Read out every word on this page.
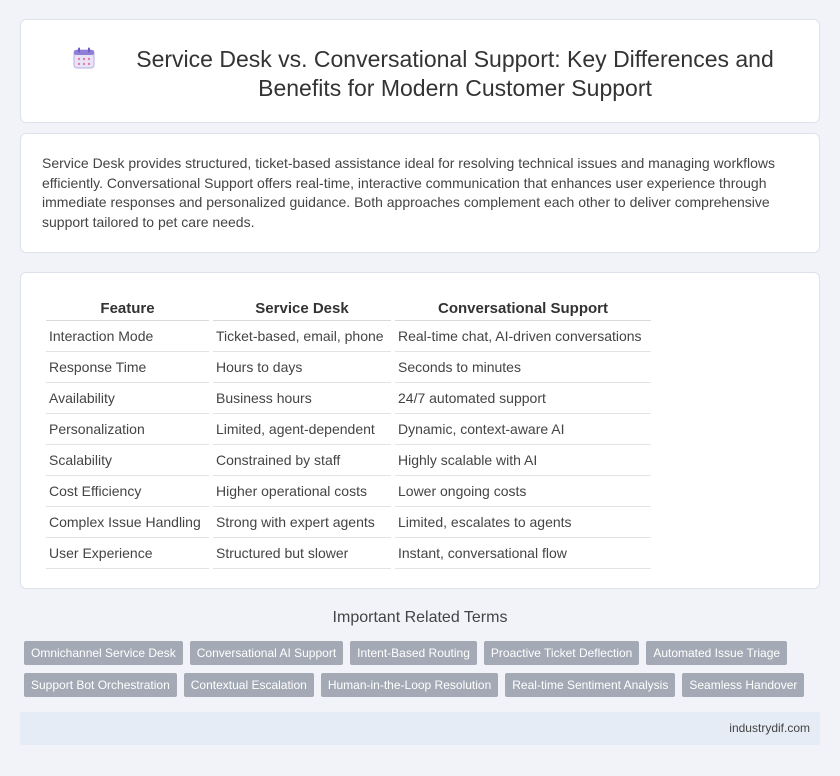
Service Desk vs. Conversational Support: Key Differences and Benefits for Modern Customer Support

Service Desk provides structured, ticket-based assistance ideal for resolving technical issues and managing workflows efficiently. Conversational Support offers real-time, interactive communication that enhances user experience through immediate responses and personalized guidance. Both approaches complement each other to deliver comprehensive support tailored to pet care needs.

Feature	Service Desk	Conversational Support
Interaction Mode	Ticket-based, email, phone	Real-time chat, AI-driven conversations
Response Time	Hours to days	Seconds to minutes
Availability	Business hours	24/7 automated support
Personalization	Limited, agent-dependent	Dynamic, context-aware AI
Scalability	Constrained by staff	Highly scalable with AI
Cost Efficiency	Higher operational costs	Lower ongoing costs
Complex Issue Handling	Strong with expert agents	Limited, escalates to agents
User Experience	Structured but slower	Instant, conversational flow
Important Related Terms
Omnichannel Service Desk	Conversational AI Support	Intent-Based Routing	Proactive Ticket Deflection	Automated Issue Triage
Support Bot Orchestration	Contextual Escalation	Human-in-the-Loop Resolution	Real-time Sentiment Analysis	Seamless Handover
industrydif.com
